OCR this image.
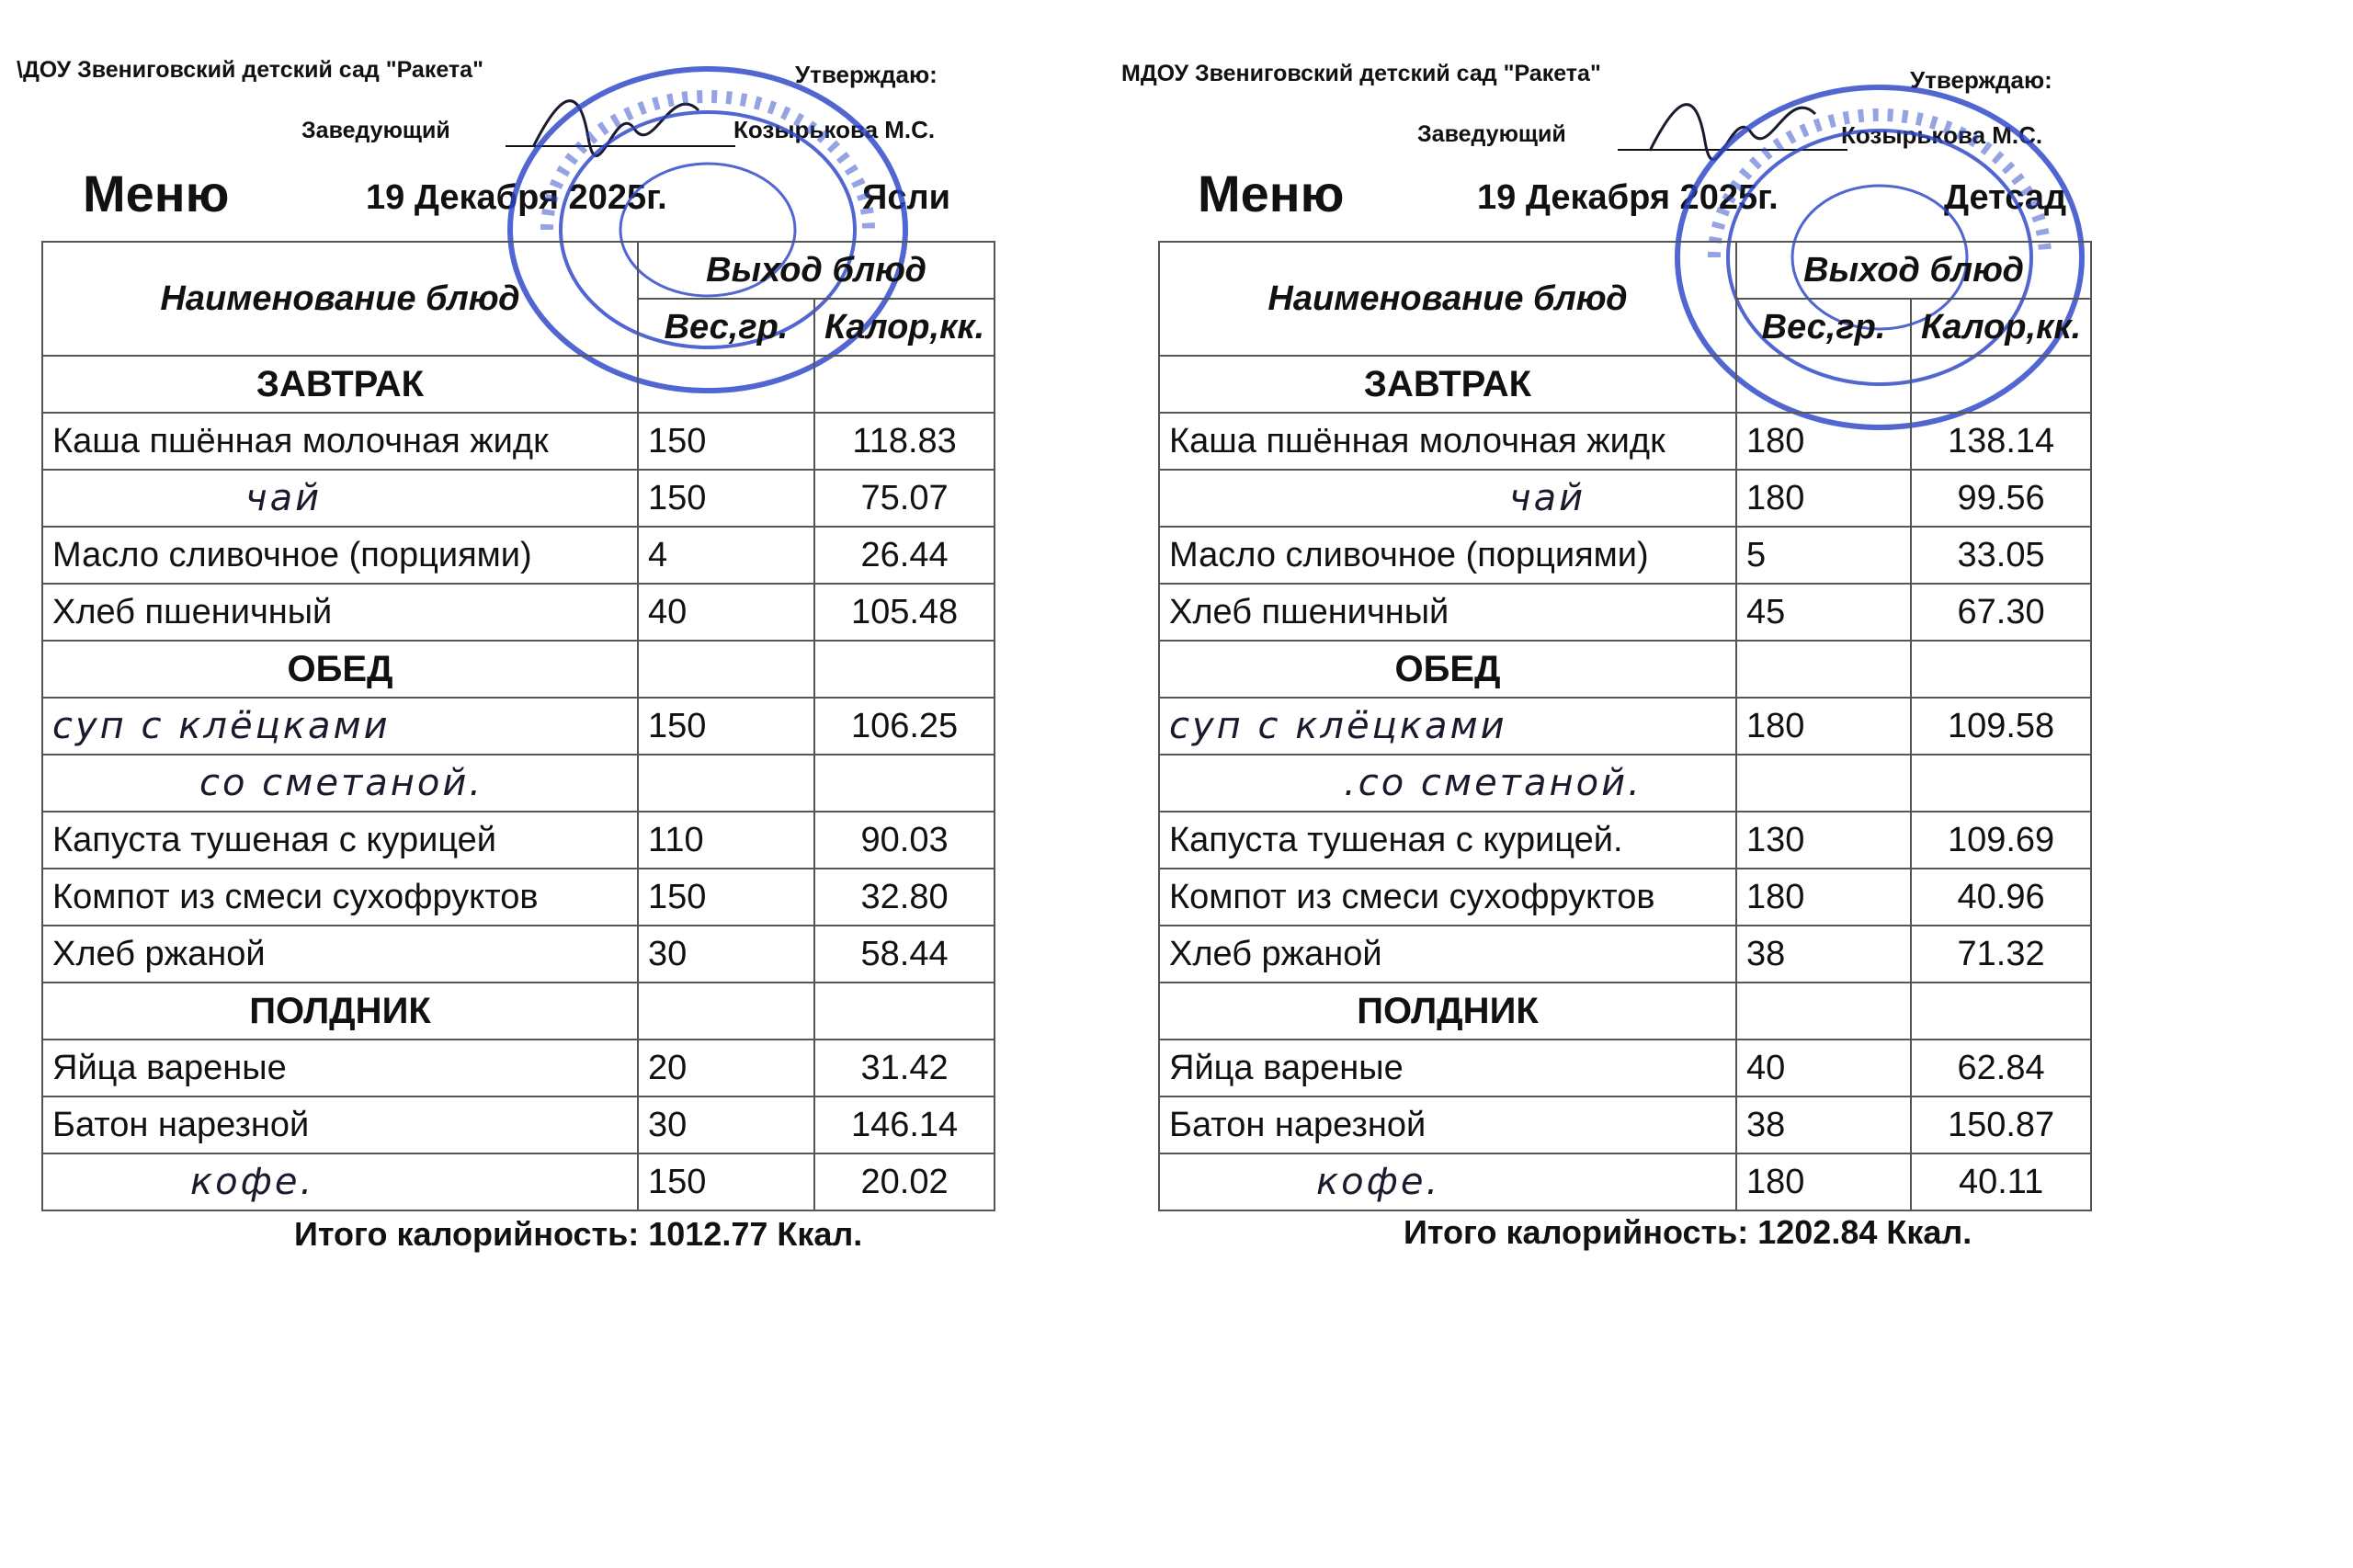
\ДОУ Звениговский детский сад "Ракета"	Утверждаю:
Заведующий	Козырькова М.С.
Меню	19 Декабря 2025г.	Ясли
Наименование блюд	Выход блюд	
	Вес,гр.	Калор,кк.
ЗАВТРАК		
Каша пшённая молочная жидк	150	118.83
чай	150	75.07
Масло сливочное (порциями)	4	26.44
Хлеб пшеничный	40	105.48
ОБЕД		
суп с клёцками	150	106.25
со сметаной.		
Капуста тушеная с курицей	110	90.03
Компот из смеси сухофруктов	150	32.80
Хлеб ржаной	30	58.44
ПОЛДНИК		
Яйца вареные	20	31.42
Батон нарезной	30	146.14
кофе.	150	20.02
Итого калорийность: 1012.77 Ккал.
МДОУ Звениговский детский сад "Ракета"	Утверждаю:
Заведующий	Козырькова М.С.
Меню	19 Декабря 2025г.	Детсад
Наименование блюд	Выход блюд	
	Вес,гр.	Калор,кк.
ЗАВТРАК		
Каша пшённая молочная жидк	180	138.14
чай	180	99.56
Масло сливочное (порциями)	5	33.05
Хлеб пшеничный	45	67.30
ОБЕД		
суп с клёцками	180	109.58
.со сметаной.		
Капуста тушеная с курицей.	130	109.69
Компот из смеси сухофруктов	180	40.96
Хлеб ржаной	38	71.32
ПОЛДНИК		
Яйца вареные	40	62.84
Батон нарезной	38	150.87
кофе.	180	40.11
Итого калорийность: 1202.84 Ккал.
